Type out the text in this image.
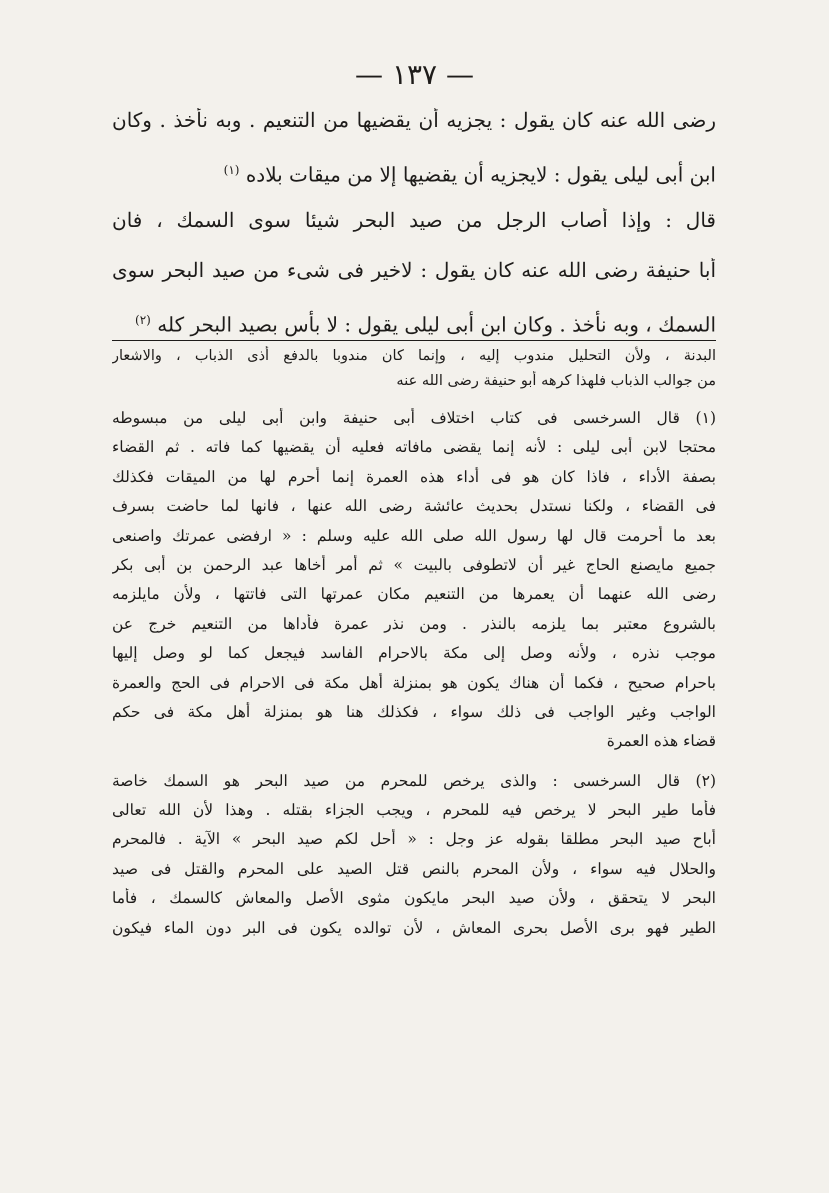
— ١٣٧ —
رضى الله عنه كان يقول : يجزيه أن يقضيها من التنعيم . وبه نأخذ . وكان
ابن أبى ليلى يقول : لايجزيه أن يقضيها إلا من ميقات بلاده $^{(١)}$
قال : وإذا أصاب الرجل من صيد البحر شيئا سوى السمك ، فان
أبا حنيفة رضى الله عنه كان يقول : لاخير فى شىء من صيد البحر سوى
السمك ، وبه نأخذ . وكان ابن أبى ليلى يقول : لا بأس بصيد البحر كله $^{(٢)}$
البدنة ، ولأن التحليل مندوب إليه ، وإنما كان مندوبا بالدفع أذى الذباب ، والاشعار
من جوالب الذباب فلهذا كرهه أبو حنيفة رضى الله عنه
(١) قال السرخسى فى كتاب اختلاف أبى حنيفة وابن أبى ليلى من مبسوطه
محتجا لابن أبى ليلى : لأنه إنما يقضى مافاته فعليه أن يقضيها كما فاته . ثم القضاء
بصفة الأداء ، فاذا كان هو فى أداء هذه العمرة إنما أحرم لها من الميقات فكذلك
فى القضاء ، ولكنا نستدل بحديث عائشة رضى الله عنها ، فانها لما حاضت بسرف
بعد ما أحرمت قال لها رسول الله صلى الله عليه وسلم : « ارفضى عمرتك واصنعى
جميع مايصنع الحاج غير أن لاتطوفى بالبيت » ثم أمر أخاها عبد الرحمن بن أبى بكر
رضى الله عنهما أن يعمرها من التنعيم مكان عمرتها التى فاتتها ، ولأن مايلزمه
بالشروع معتبر بما يلزمه بالنذر . ومن نذر عمرة فأداها من التنعيم خرج عن
موجب نذره ، ولأنه وصل إلى مكة بالاحرام الفاسد فيجعل كما لو وصل إليها
باحرام صحيح ، فكما أن هناك يكون هو بمنزلة أهل مكة فى الاحرام فى الحج والعمرة
الواجب وغير الواجب فى ذلك سواء ، فكذلك هنا هو بمنزلة أهل مكة فى حكم
قضاء هذه العمرة
(٢) قال السرخسى : والذى يرخص للمحرم من صيد البحر هو السمك خاصة
فأما طير البحر لا يرخص فيه للمحرم ، ويجب الجزاء بقتله . وهذا لأن الله تعالى
أباح صيد البحر مطلقا بقوله عز وجل : « أحل لكم صيد البحر » الآية . فالمحرم
والحلال فيه سواء ، ولأن المحرم بالنص قتل الصيد على المحرم والقتل فى صيد
البحر لا يتحقق ، ولأن صيد البحر مايكون مثوى الأصل والمعاش كالسمك ، فأما
الطير فهو برى الأصل بحرى المعاش ، لأن توالده يكون فى البر دون الماء فيكون
